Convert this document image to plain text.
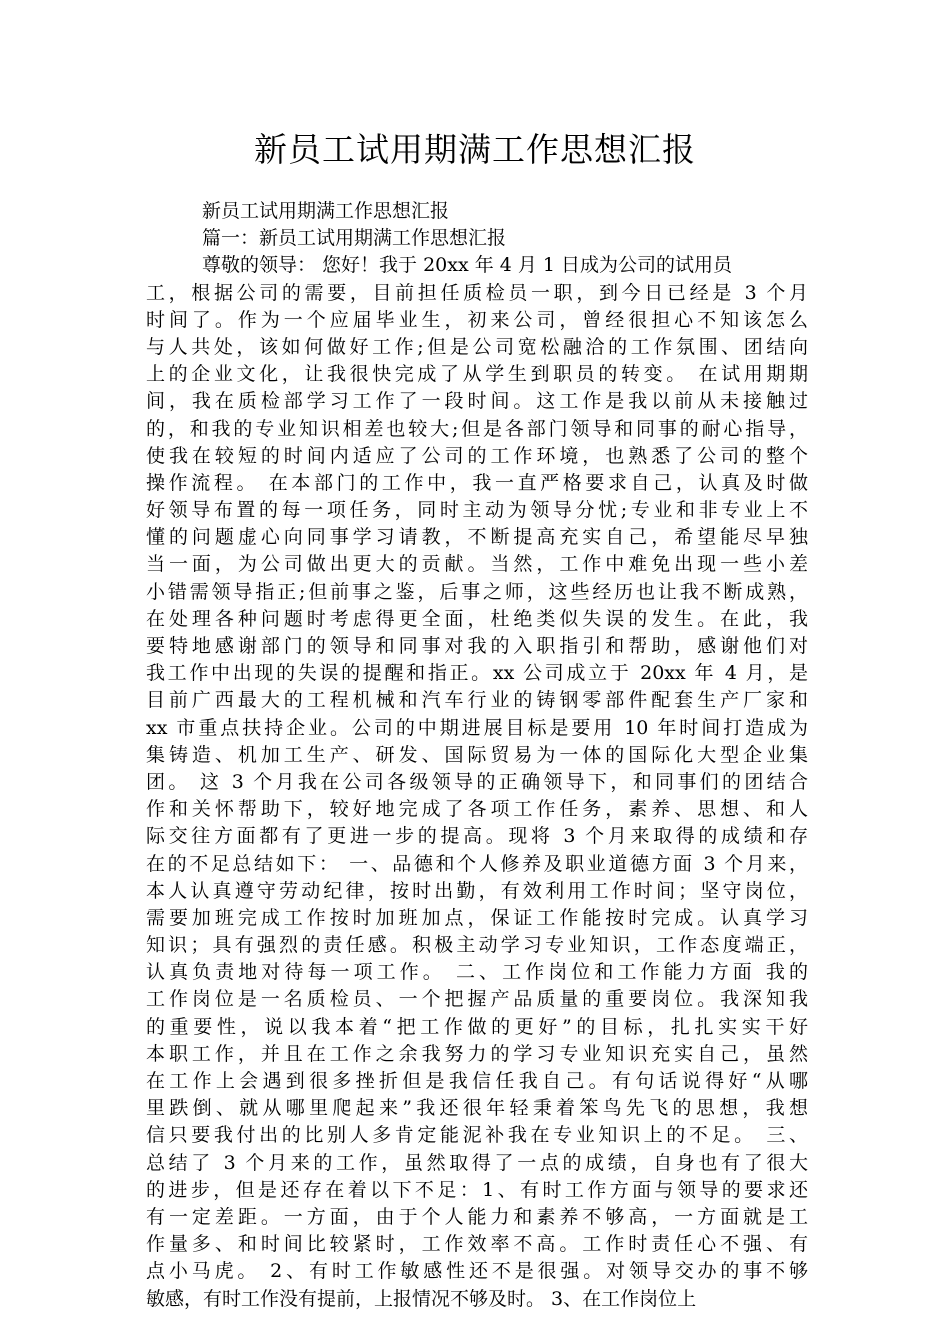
新员工试用期满工作思想汇报
新员工试用期满工作思想汇报
篇一：新员工试用期满工作思想汇报
尊敬的领导： 您好！我于 20xx 年 4 月 1 日成为公司的试用员
工，根据公司的需要，目前担任质检员一职，到今日已经是 3 个月
时间了。作为一个应届毕业生，初来公司，曾经很担心不知该怎么
与人共处，该如何做好工作;但是公司宽松融洽的工作氛围、团结向
上的企业文化，让我很快完成了从学生到职员的转变。 在试用期期
间，我在质检部学习工作了一段时间。这工作是我以前从未接触过
的，和我的专业知识相差也较大;但是各部门领导和同事的耐心指导，
使我在较短的时间内适应了公司的工作环境，也熟悉了公司的整个
操作流程。 在本部门的工作中，我一直严格要求自己，认真及时做
好领导布置的每一项任务，同时主动为领导分忧;专业和非专业上不
懂的问题虚心向同事学习请教，不断提高充实自己，希望能尽早独
当一面，为公司做出更大的贡献。当然，工作中难免出现一些小差
小错需领导指正;但前事之鉴，后事之师，这些经历也让我不断成熟，
在处理各种问题时考虑得更全面，杜绝类似失误的发生。在此，我
要特地感谢部门的领导和同事对我的入职指引和帮助，感谢他们对
我工作中出现的失误的提醒和指正。xx 公司成立于 20xx 年 4 月，是
目前广西最大的工程机械和汽车行业的铸钢零部件配套生产厂家和
xx 市重点扶持企业。公司的中期进展目标是要用 10 年时间打造成为
集铸造、机加工生产、研发、国际贸易为一体的国际化大型企业集
团。 这 3 个月我在公司各级领导的正确领导下，和同事们的团结合
作和关怀帮助下，较好地完成了各项工作任务，素养、思想、和人
际交往方面都有了更进一步的提高。现将 3 个月来取得的成绩和存
在的不足总结如下： 一、品德和个人修养及职业道德方面 3 个月来，
本人认真遵守劳动纪律，按时出勤，有效利用工作时间；坚守岗位，
需要加班完成工作按时加班加点，保证工作能按时完成。认真学习
知识；具有强烈的责任感。积极主动学习专业知识，工作态度端正，
认真负责地对待每一项工作。 二、工作岗位和工作能力方面 我的
工作岗位是一名质检员、一个把握产品质量的重要岗位。我深知我
的重要性，说以我本着“把工作做的更好”的目标，扎扎实实干好
本职工作，并且在工作之余我努力的学习专业知识充实自己，虽然
在工作上会遇到很多挫折但是我信任我自己。有句话说得好“从哪
里跌倒、就从哪里爬起来”我还很年轻秉着笨鸟先飞的思想，我想
信只要我付出的比别人多肯定能泥补我在专业知识上的不足。 三、
总结了 3 个月来的工作，虽然取得了一点的成绩，自身也有了很大
的进步，但是还存在着以下不足：1、有时工作方面与领导的要求还
有一定差距。一方面，由于个人能力和素养不够高，一方面就是工
作量多、和时间比较紧时，工作效率不高。工作时责任心不强、有
点小马虎。 2、有时工作敏感性还不是很强。对领导交办的事不够
敏感，有时工作没有提前，上报情况不够及时。 3、在工作岗位上
